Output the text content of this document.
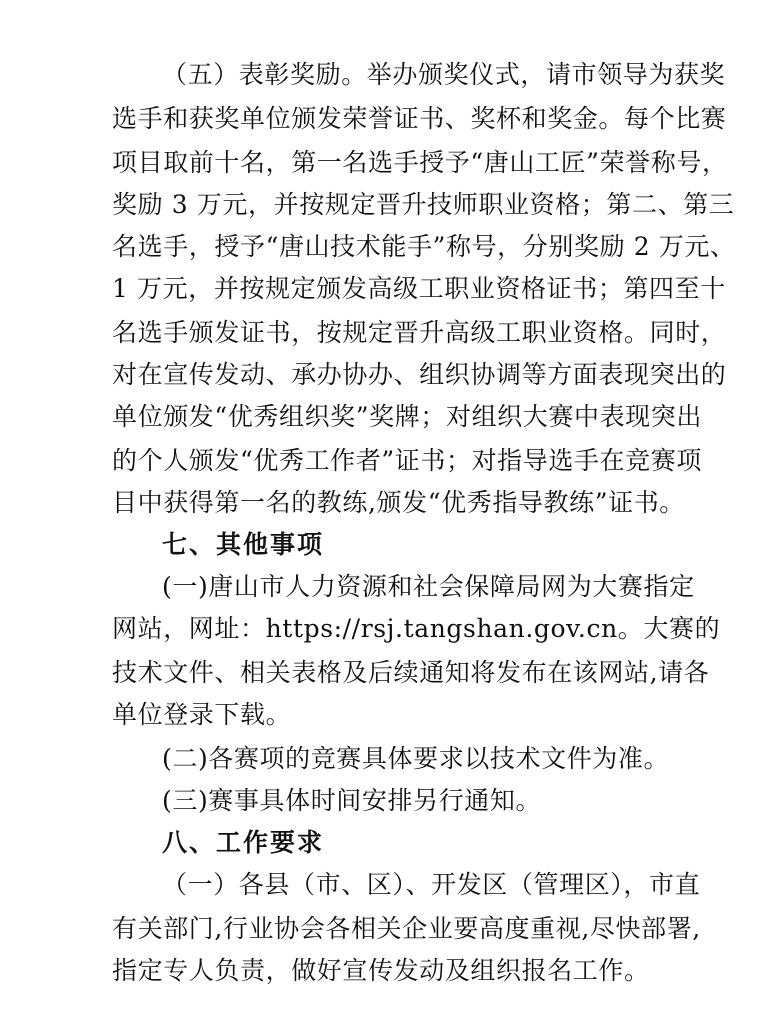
（五）表彰奖励。举办颁奖仪式，请市领导为获奖
选手和获奖单位颁发荣誉证书、奖杯和奖金。每个比赛
项目取前十名，第一名选手授予“唐山工匠”荣誉称号，
奖励 3 万元，并按规定晋升技师职业资格；第二、第三
名选手，授予“唐山技术能手”称号，分别奖励 2 万元、
1 万元，并按规定颁发高级工职业资格证书；第四至十
名选手颁发证书，按规定晋升高级工职业资格。同时，
对在宣传发动、承办协办、组织协调等方面表现突出的
单位颁发“优秀组织奖”奖牌；对组织大赛中表现突出
的个人颁发“优秀工作者”证书；对指导选手在竞赛项
目中获得第一名的教练,颁发“优秀指导教练”证书。
七、其他事项
(一)唐山市人力资源和社会保障局网为大赛指定
网站，网址：https://rsj.tangshan.gov.cn。大赛的
技术文件、相关表格及后续通知将发布在该网站,请各
单位登录下载。
(二)各赛项的竞赛具体要求以技术文件为准。
(三)赛事具体时间安排另行通知。
八、工作要求
（一）各县（市、区）、开发区（管理区），市直
有关部门,行业协会各相关企业要高度重视,尽快部署,
指定专人负责，做好宣传发动及组织报名工作。
